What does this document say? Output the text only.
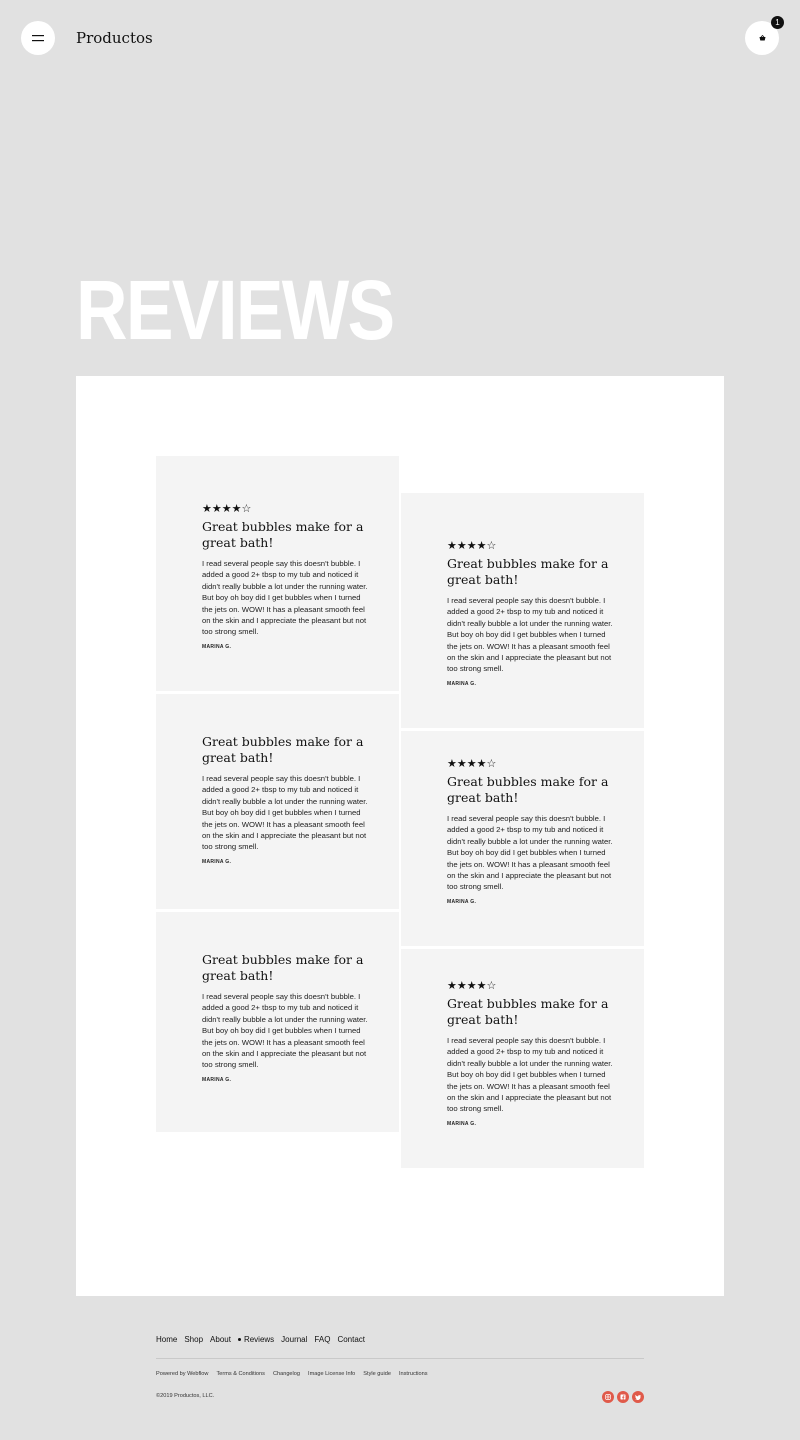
Productos
1
REVIEWS
★★★★☆
Great bubbles make for a great bath!

I read several people say this doesn't bubble. I added a good 2+ tbsp to my tub and noticed it didn't really bubble a lot under the running water. But boy oh boy did I get bubbles when I turned the jets on. WOW! It has a pleasant smooth feel on the skin and I appreciate the pleasant but not too strong smell.

MARINA G.
★★★★☆
Great bubbles make for a great bath!

I read several people say this doesn't bubble. I added a good 2+ tbsp to my tub and noticed it didn't really bubble a lot under the running water. But boy oh boy did I get bubbles when I turned the jets on. WOW! It has a pleasant smooth feel on the skin and I appreciate the pleasant but not too strong smell.

MARINA G.
Great bubbles make for a great bath!

I read several people say this doesn't bubble. I added a good 2+ tbsp to my tub and noticed it didn't really bubble a lot under the running water. But boy oh boy did I get bubbles when I turned the jets on. WOW! It has a pleasant smooth feel on the skin and I appreciate the pleasant but not too strong smell.

MARINA G.
★★★★☆
Great bubbles make for a great bath!

I read several people say this doesn't bubble. I added a good 2+ tbsp to my tub and noticed it didn't really bubble a lot under the running water. But boy oh boy did I get bubbles when I turned the jets on. WOW! It has a pleasant smooth feel on the skin and I appreciate the pleasant but not too strong smell.

MARINA G.
Great bubbles make for a great bath!

I read several people say this doesn't bubble. I added a good 2+ tbsp to my tub and noticed it didn't really bubble a lot under the running water. But boy oh boy did I get bubbles when I turned the jets on. WOW! It has a pleasant smooth feel on the skin and I appreciate the pleasant but not too strong smell.

MARINA G.
★★★★☆
Great bubbles make for a great bath!

I read several people say this doesn't bubble. I added a good 2+ tbsp to my tub and noticed it didn't really bubble a lot under the running water. But boy oh boy did I get bubbles when I turned the jets on. WOW! It has a pleasant smooth feel on the skin and I appreciate the pleasant but not too strong smell.

MARINA G.
Home Shop About	Reviews Journal FAQ Contact
Powered by Webflow Terms & Conditions Changelog Image License Info Style guide Instructions
©2019 Productos, LLC.
